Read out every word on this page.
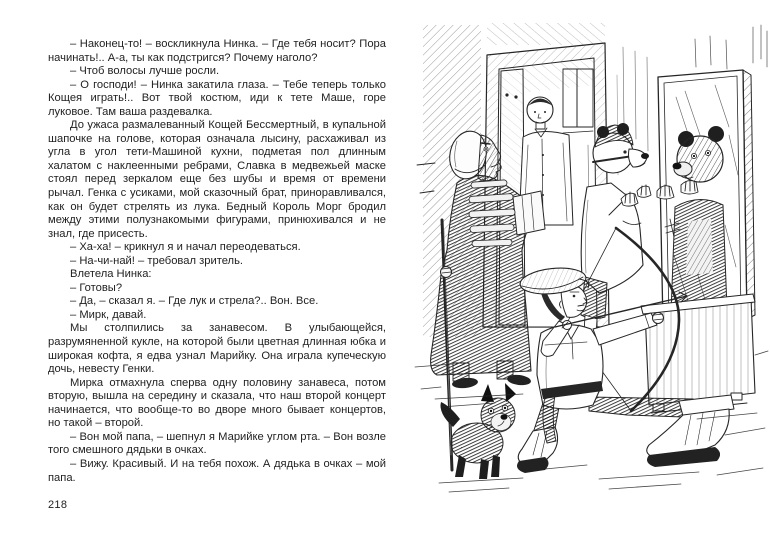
– Наконец-то! – воскликнула Нинка. – Где тебя носит? Пора начинать!.. А-а, ты как подстригся? Почему наголо?

– Чтоб волосы лучше росли.

– О господи! – Нинка закатила глаза. – Тебе теперь только Кощея играть!.. Вот твой костюм, иди к тете Маше, горе луковое. Там ваша раздевалка.

До ужаса размалеванный Кощей Бессмертный, в купальной шапочке на голове, которая означала лысину, расхаживал из угла в угол тети-Машиной кухни, подметая пол длинным халатом с наклеенными ребрами, Славка в медвежьей маске стоял перед зеркалом еще без шубы и время от времени рычал. Генка с усиками, мой сказочный брат, приноравливался, как он будет стрелять из лука. Бедный Король Морг бродил между этими полузнакомыми фигурами, принюхивался и не знал, где присесть.

– Ха-ха! – крикнул я и начал переодеваться.

– На-чи-най! – требовал зритель.

Влетела Нинка:

– Готовы?

– Да, – сказал я. – Где лук и стрела?.. Вон. Все.

– Мирк, давай.

Мы столпились за занавесом. В улыбающейся, разрумяненной кукле, на которой были цветная длинная юбка и широкая кофта, я едва узнал Марийку. Она играла купеческую дочь, невесту Генки.

Мирка отмахнула сперва одну половину занавеса, потом вторую, вышла на середину и сказала, что наш второй концерт начинается, что вообще-то во дворе много бывает концертов, но такой – второй.

– Вон мой папа, – шепнул я Марийке углом рта. – Вон возле того смешного дядьки в очках.

– Вижу. Красивый. И на тебя похож. А дядька в очках – мой папа.

218
